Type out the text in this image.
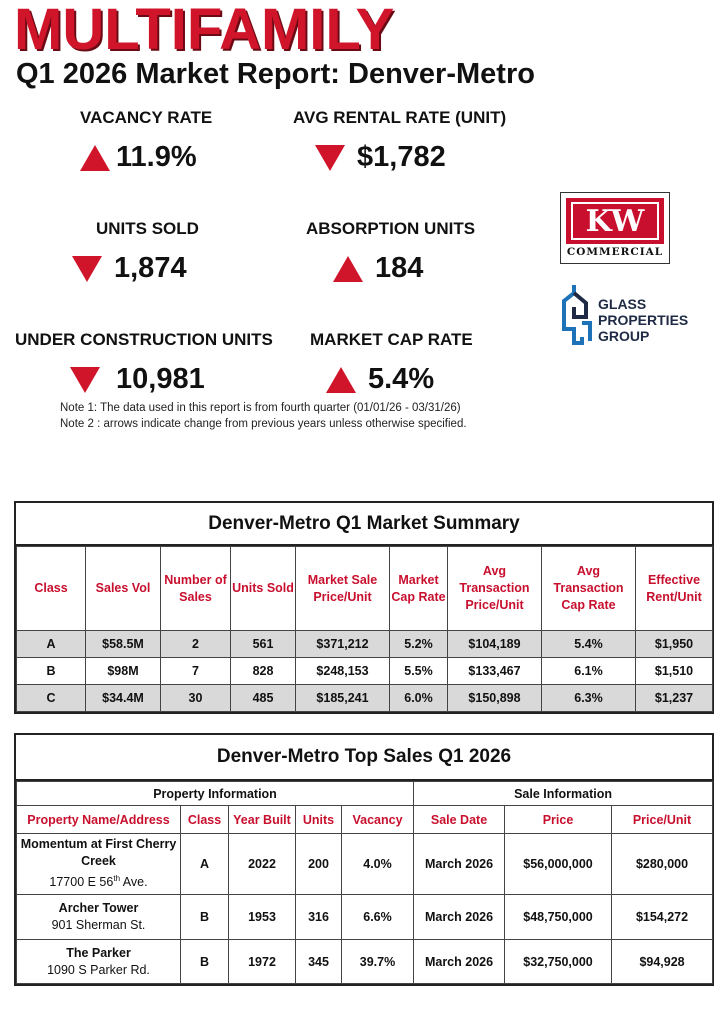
MULTIFAMILY
Q1 2026 Market Report: Denver-Metro
VACANCY RATE
11.9%
AVG RENTAL RATE (UNIT)
$1,782
UNITS SOLD
1,874
ABSORPTION UNITS
184
UNDER CONSTRUCTION UNITS
10,981
MARKET CAP RATE
5.4%
Note 1: The data used in this report is from fourth quarter (01/01/26 - 03/31/26)
Note 2 : arrows indicate change from previous years unless otherwise specified.
KW
COMMERCIAL
GLASS
PROPERTIES
GROUP
Denver-Metro Q1 Market Summary
Class	Sales Vol	Number of Sales	Units Sold	Market Sale Price/Unit	Market Cap Rate	Avg Transaction Price/Unit	Avg Transaction Cap Rate	Effective Rent/Unit
A	$58.5M	2	561	$371,212	5.2%	$104,189	5.4%	$1,950
B	$98M	7	828	$248,153	5.5%	$133,467	6.1%	$1,510
C	$34.4M	30	485	$185,241	6.0%	$150,898	6.3%	$1,237
Denver-Metro Top Sales Q1 2026
Property Information					Sale Information		
Property Name/Address	Class	Year Built	Units	Vacancy	Sale Date	Price	Price/Unit

Momentum at First Cherry Creek
17700 E 56th Ave.	A	2022	200	4.0%	March 2026	$56,000,000	$280,000

Archer Tower
901 Sherman St.	B	1953	316	6.6%	March 2026	$48,750,000	$154,272

The Parker
1090 S Parker Rd.	B	1972	345	39.7%	March 2026	$32,750,000	$94,928
